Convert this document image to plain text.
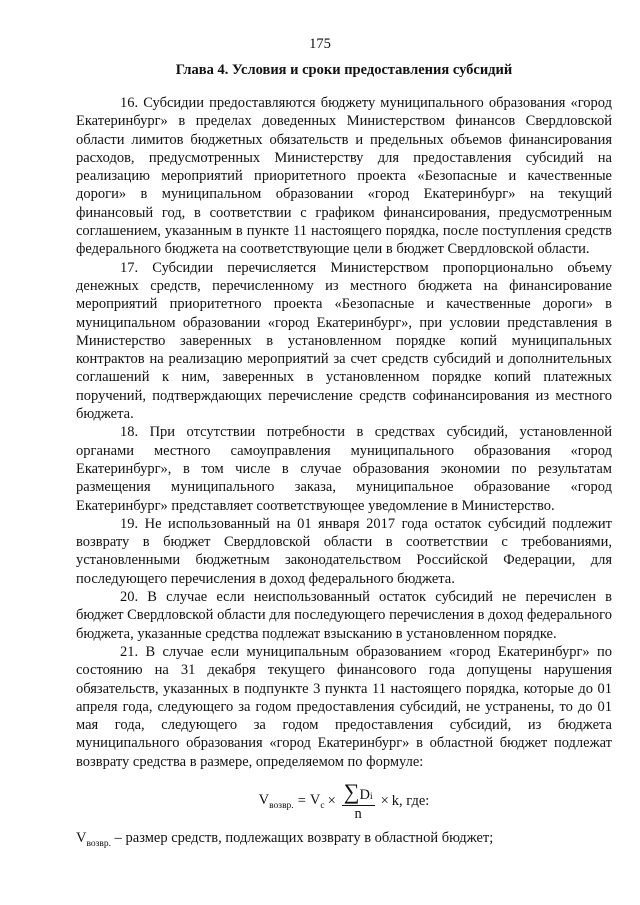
175
Глава 4. Условия и сроки предоставления субсидий

16. Субсидии предоставляются бюджету муниципального образования «город Екатеринбург» в пределах доведенных Министерством финансов Свердловской области лимитов бюджетных обязательств и предельных объемов финансирования расходов, предусмотренных Министерству для предоставления субсидий на реализацию мероприятий приоритетного проекта «Безопасные и качественные дороги» в муниципальном образовании «город Екатеринбург» на текущий финансовый год, в соответствии с графиком финансирования, предусмотренным соглашением, указанным в пункте 11 настоящего порядка, после поступления средств федерального бюджета на соответствующие цели в бюджет Свердловской области.

17. Субсидии перечисляется Министерством пропорционально объему денежных средств, перечисленному из местного бюджета на финансирование мероприятий приоритетного проекта «Безопасные и качественные дороги» в муниципальном образовании «город Екатеринбург», при условии представления в Министерство заверенных в установленном порядке копий муниципальных контрактов на реализацию мероприятий за счет средств субсидий и дополнительных соглашений к ним, заверенных в установленном порядке копий платежных поручений, подтверждающих перечисление средств софинансирования из местного бюджета.

18. При отсутствии потребности в средствах субсидий, установленной органами местного самоуправления муниципального образования «город Екатеринбург», в том числе в случае образования экономии по результатам размещения муниципального заказа, муниципальное образование «город Екатеринбург» представляет соответствующее уведомление в Министерство.

19. Не использованный на 01 января 2017 года остаток субсидий подлежит возврату в бюджет Свердловской области в соответствии с требованиями, установленными бюджетным законодательством Российской Федерации, для последующего перечисления в доход федерального бюджета.

20. В случае если неиспользованный остаток субсидий не перечислен в бюджет Свердловской области для последующего перечисления в доход федерального бюджета, указанные средства подлежат взысканию в установленном порядке.

21. В случае если муниципальным образованием «город Екатеринбург» по состоянию на 31 декабря текущего финансового года допущены нарушения обязательств, указанных в подпункте 3 пункта 11 настоящего порядка, которые до 01 апреля года, следующего за годом предоставления субсидий, не устранены, то до 01 мая года, следующего за годом предоставления субсидий, из бюджета муниципального образования «город Екатеринбург» в областной бюджет подлежат возврату средства в размере, определяемом по формуле:

$V_{возвр.} = V_с \times \frac{\text{∑ D i}}{n} \times k$ , где:
$V_{возвр.}$ – размер средств, подлежащих возврату в областной бюджет;
